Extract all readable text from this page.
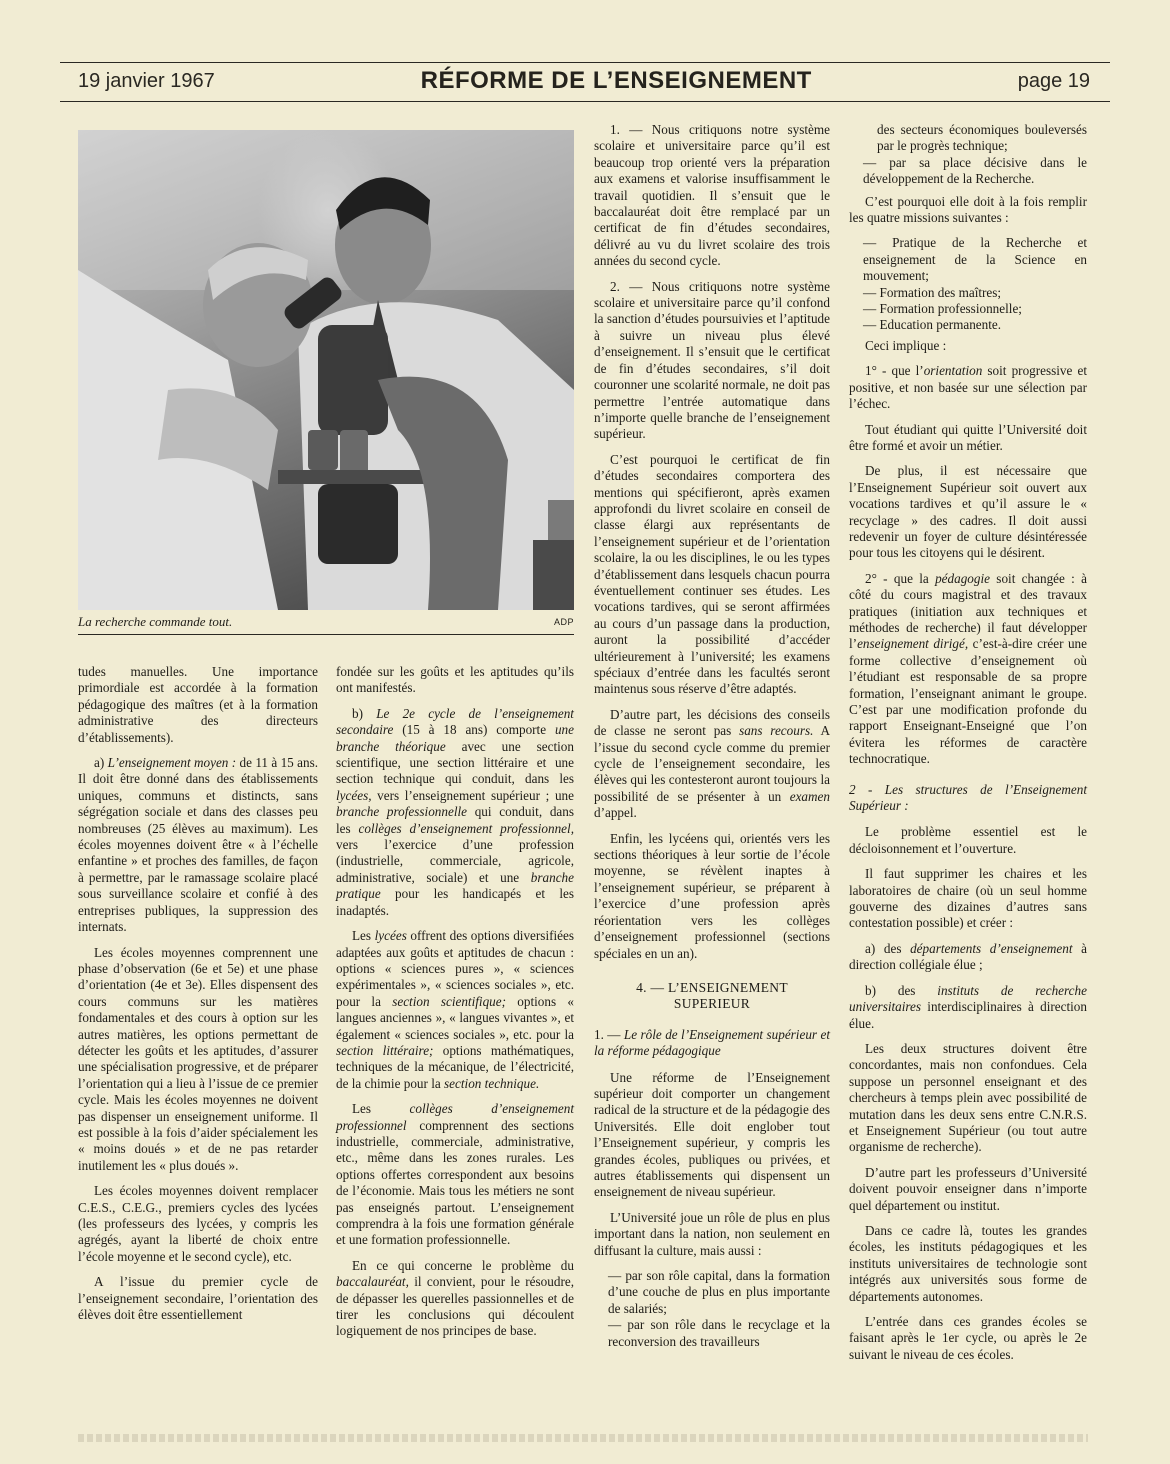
19 janvier 1967	RÉFORME DE L’ENSEIGNEMENT	page 19
La recherche commande tout.	ADP

tudes manuelles. Une importance primordiale est accordée à la formation pédagogique des maîtres (et à la formation administrative des directeurs d’établissements).

a) L’enseignement moyen : de 11 à 15 ans. Il doit être donné dans des établissements uniques, communs et distincts, sans ségrégation sociale et dans des classes peu nombreuses (25 élèves au maximum). Les écoles moyennes doivent être « à l’échelle enfantine » et proches des familles, de façon à permettre, par le ramassage scolaire placé sous surveillance scolaire et confié à des entreprises publiques, la suppression des internats.

Les écoles moyennes comprennent une phase d’observation (6e et 5e) et une phase d’orientation (4e et 3e). Elles dispensent des cours communs sur les matières fondamentales et des cours à option sur les autres matières, les options permettant de détecter les goûts et les aptitudes, d’assurer une spécialisation progressive, et de préparer l’orientation qui a lieu à l’issue de ce premier cycle. Mais les écoles moyennes ne doivent pas dispenser un enseignement uniforme. Il est possible à la fois d’aider spécialement les « moins doués » et de ne pas retarder inutilement les « plus doués ».

Les écoles moyennes doivent remplacer C.E.S., C.E.G., premiers cycles des lycées (les professeurs des lycées, y compris les agrégés, ayant la liberté de choix entre l’école moyenne et le second cycle), etc.

A l’issue du premier cycle de l’enseignement secondaire, l’orientation des élèves doit être essentiellement

fondée sur les goûts et les aptitudes qu’ils ont manifestés.

b) Le 2e cycle de l’enseignement secondaire (15 à 18 ans) comporte une branche théorique avec une section scientifique, une section littéraire et une section technique qui conduit, dans les lycées, vers l’enseignement supérieur ; une branche professionnelle qui conduit, dans les collèges d’enseignement professionnel, vers l’exercice d’une profession (industrielle, commerciale, agricole, administrative, sociale) et une branche pratique pour les handicapés et les inadaptés.

Les lycées offrent des options diversifiées adaptées aux goûts et aptitudes de chacun : options « sciences pures », « sciences expérimentales », « sciences sociales », etc. pour la section scientifique; options « langues anciennes », « langues vivantes », et également « sciences sociales », etc. pour la section littéraire; options mathématiques, techniques de la mécanique, de l’électricité, de la chimie pour la section technique.

Les collèges d’enseignement professionnel comprennent des sections industrielle, commerciale, administrative, etc., même dans les zones rurales. Les options offertes correspondent aux besoins de l’économie. Mais tous les métiers ne sont pas enseignés partout. L’enseignement comprendra à la fois une formation générale et une formation professionnelle.

En ce qui concerne le problème du baccalauréat, il convient, pour le résoudre, de dépasser les querelles passionnelles et de tirer les conclusions qui découlent logiquement de nos principes de base.

1. — Nous critiquons notre système scolaire et universitaire parce qu’il est beaucoup trop orienté vers la préparation aux examens et valorise insuffisamment le travail quotidien. Il s’ensuit que le baccalauréat doit être remplacé par un certificat de fin d’études secondaires, délivré au vu du livret scolaire des trois années du second cycle.

2. — Nous critiquons notre système scolaire et universitaire parce qu’il confond la sanction d’études poursuivies et l’aptitude à suivre un niveau plus élevé d’enseignement. Il s’ensuit que le certificat de fin d’études secondaires, s’il doit couronner une scolarité normale, ne doit pas permettre l’entrée automatique dans n’importe quelle branche de l’enseignement supérieur.

C’est pourquoi le certificat de fin d’études secondaires comportera des mentions qui spécifieront, après examen approfondi du livret scolaire en conseil de classe élargi aux représentants de l’enseignement supérieur et de l’orientation scolaire, la ou les disciplines, le ou les types d’établissement dans lesquels chacun pourra éventuellement continuer ses études. Les vocations tardives, qui se seront affirmées au cours d’un passage dans la production, auront la possibilité d’accéder ultérieurement à l’université; les examens spéciaux d’entrée dans les facultés seront maintenus sous réserve d’être adaptés.

D’autre part, les décisions des conseils de classe ne seront pas sans recours. A l’issue du second cycle comme du premier cycle de l’enseignement secondaire, les élèves qui les contesteront auront toujours la possibilité de se présenter à un examen d’appel.

Enfin, les lycéens qui, orientés vers les sections théoriques à leur sortie de l’école moyenne, se révèlent inaptes à l’enseignement supérieur, se préparent à l’exercice d’une profession après réorientation vers les collèges d’enseignement professionnel (sections spéciales en un an).

4. — L’ENSEIGNEMENT
SUPERIEUR

1. — Le rôle de l’Enseignement supérieur et la réforme pédagogique

Une réforme de l’Enseignement supérieur doit comporter un changement radical de la structure et de la pédagogie des Universités. Elle doit englober tout l’Enseignement supérieur, y compris les grandes écoles, publiques ou privées, et autres établissements qui dispensent un enseignement de niveau supérieur.

L’Université joue un rôle de plus en plus important dans la nation, non seulement en diffusant la culture, mais aussi :

— par son rôle capital, dans la formation d’une couche de plus en plus importante de salariés;

— par son rôle dans le recyclage et la reconversion des travailleurs

des secteurs économiques bouleversés par le progrès technique;

— par sa place décisive dans le développement de la Recherche.

C’est pourquoi elle doit à la fois remplir les quatre missions suivantes :

— Pratique de la Recherche et enseignement de la Science en mouvement;

— Formation des maîtres;

— Formation professionnelle;

— Education permanente.

Ceci implique :

1° - que l’orientation soit progressive et positive, et non basée sur une sélection par l’échec.

Tout étudiant qui quitte l’Université doit être formé et avoir un métier.

De plus, il est nécessaire que l’Enseignement Supérieur soit ouvert aux vocations tardives et qu’il assure le « recyclage » des cadres. Il doit aussi redevenir un foyer de culture désintéressée pour tous les citoyens qui le désirent.

2° - que la pédagogie soit changée : à côté du cours magistral et des travaux pratiques (initiation aux techniques et méthodes de recherche) il faut développer l’enseignement dirigé, c’est-à-dire créer une forme collective d’enseignement où l’étudiant est responsable de sa propre formation, l’enseignant animant le groupe. C’est par une modification profonde du rapport Enseignant-Enseigné que l’on évitera les réformes de caractère technocratique.

2 - Les structures de l’Enseignement Supérieur :

Le problème essentiel est le décloisonnement et l’ouverture.

Il faut supprimer les chaires et les laboratoires de chaire (où un seul homme gouverne des dizaines d’autres sans contestation possible) et créer :

a) des départements d’enseignement à direction collégiale élue ;

b) des instituts de recherche universitaires interdisciplinaires à direction élue.

Les deux structures doivent être concordantes, mais non confondues. Cela suppose un personnel enseignant et des chercheurs à temps plein avec possibilité de mutation dans les deux sens entre C.N.R.S. et Enseignement Supérieur (ou tout autre organisme de recherche).

D’autre part les professeurs d’Université doivent pouvoir enseigner dans n’importe quel département ou institut.

Dans ce cadre là, toutes les grandes écoles, les instituts pédagogiques et les instituts universitaires de technologie sont intégrés aux universités sous forme de départements autonomes.

L’entrée dans ces grandes écoles se faisant après le 1er cycle, ou après le 2e suivant le niveau de ces écoles.
